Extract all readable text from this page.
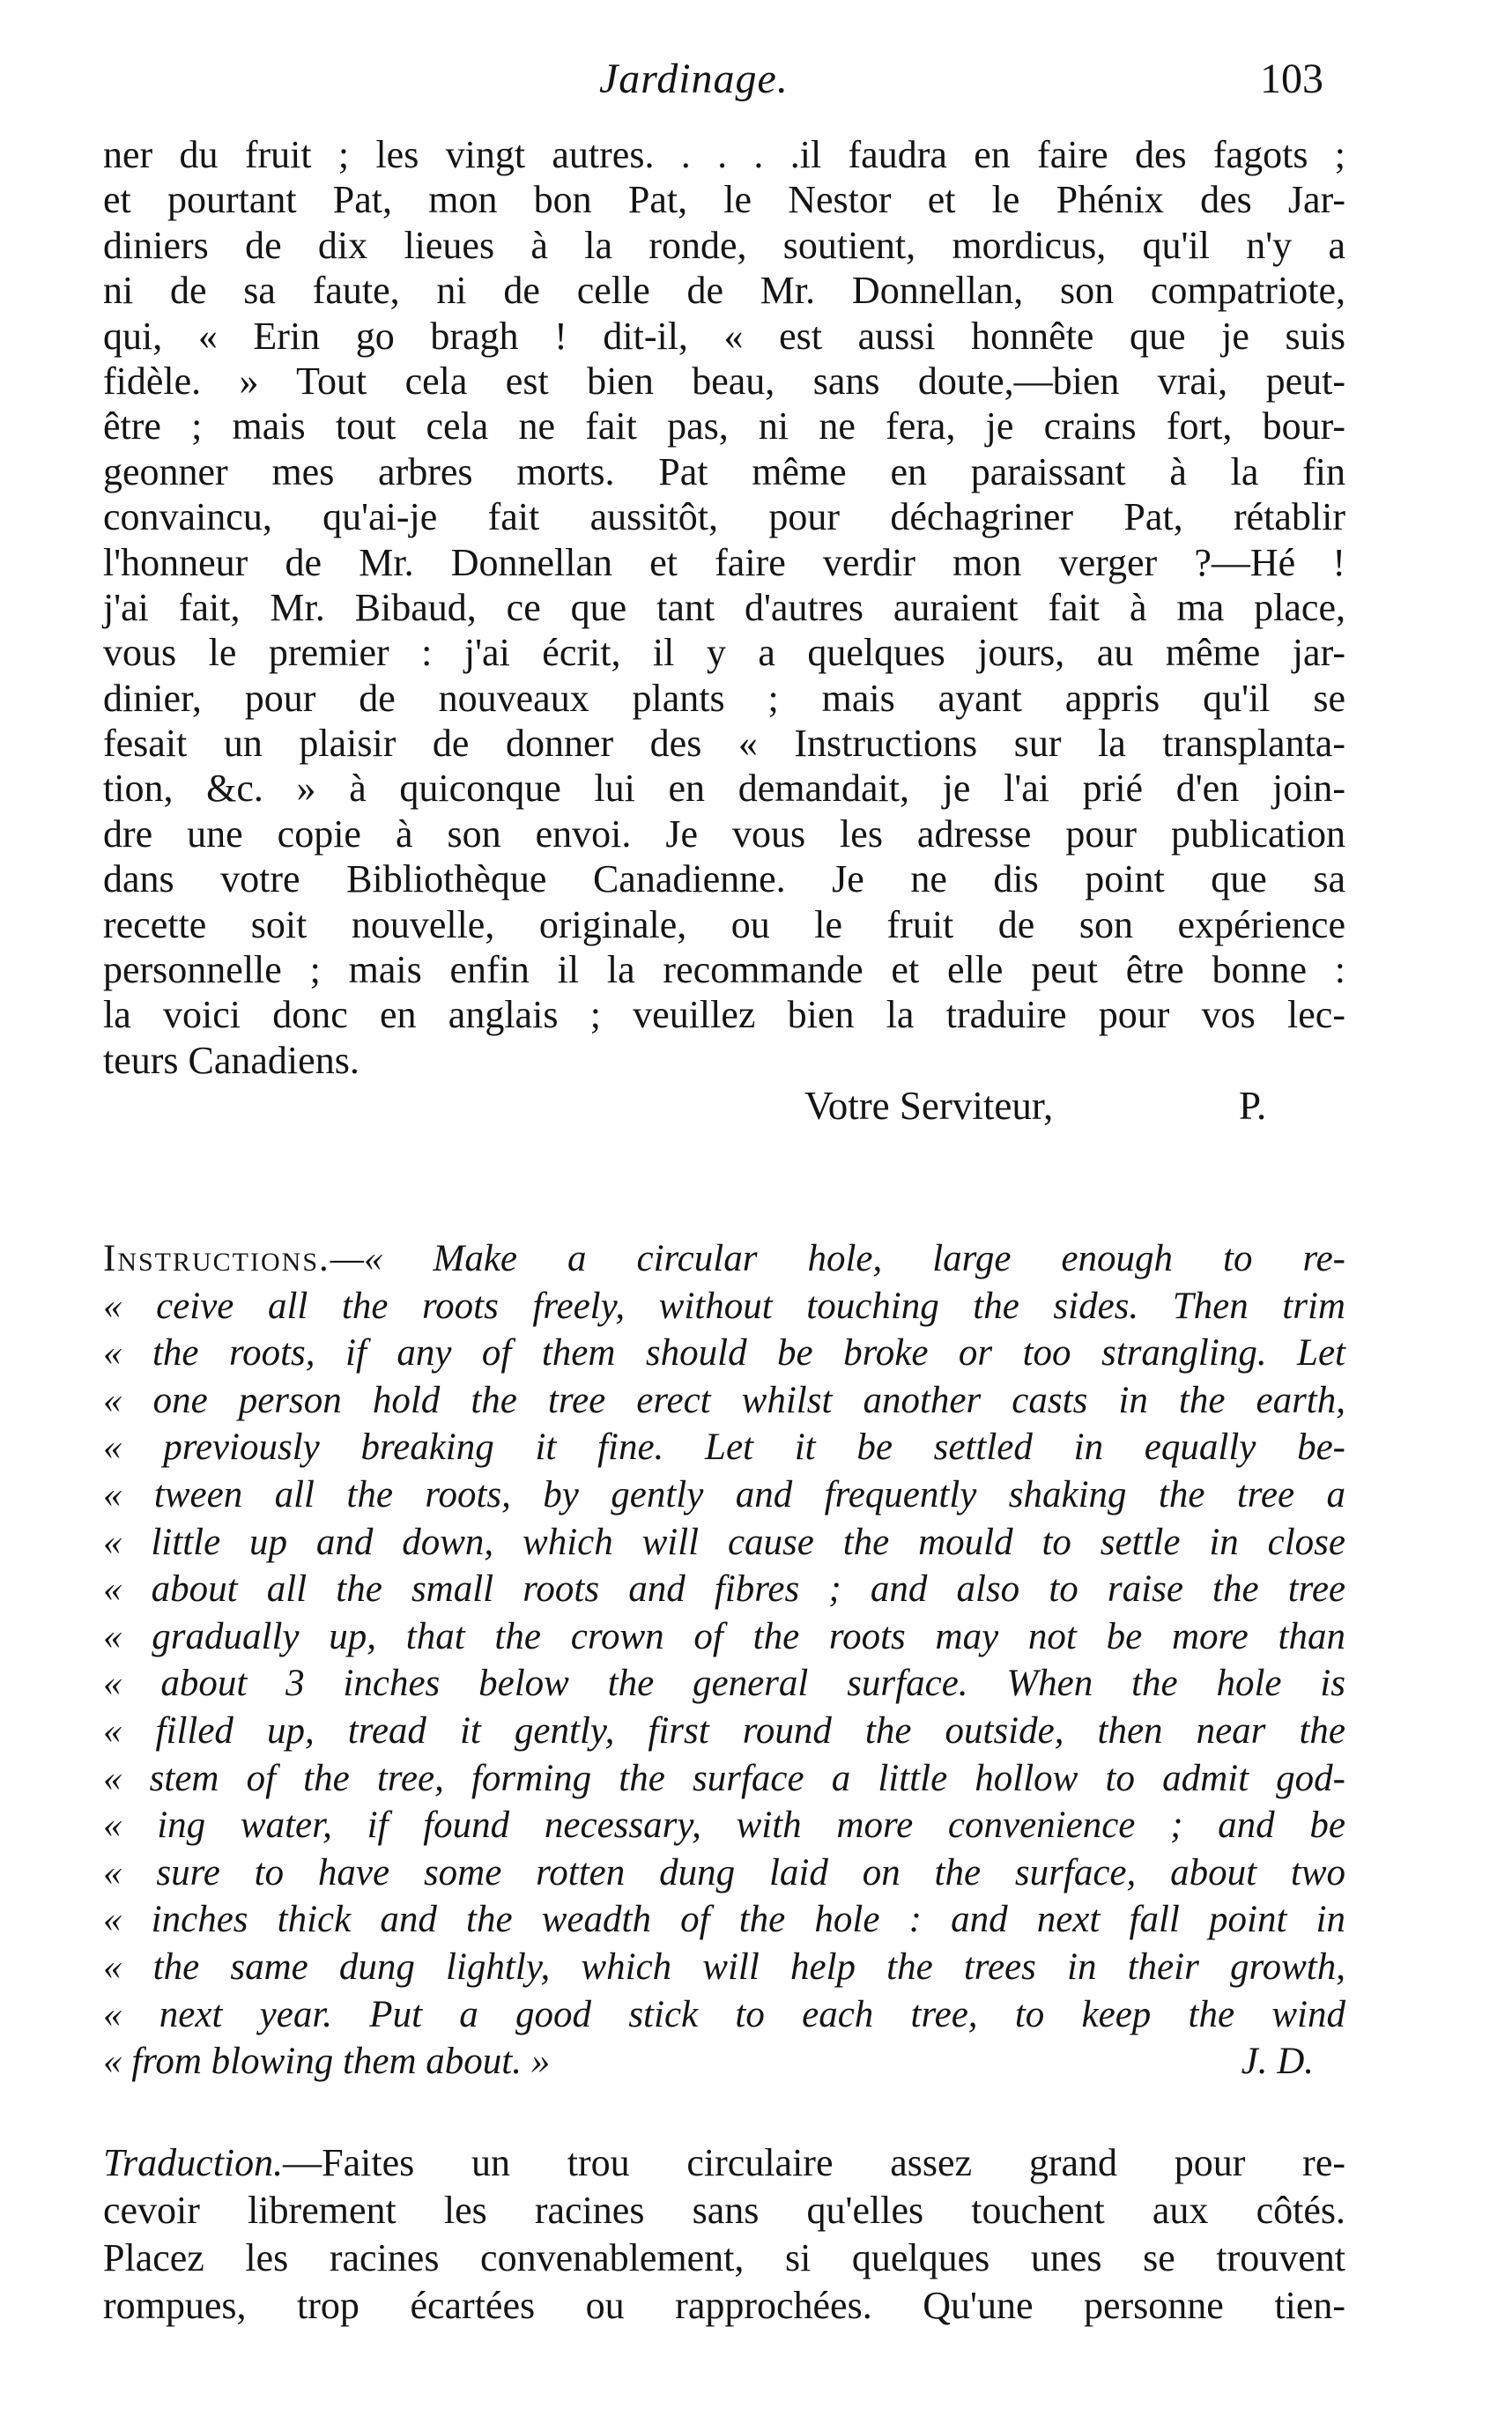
Jardinage.	103
ner du fruit ; les vingt autres. . . . .il faudra en faire des fagots ;
et pourtant Pat, mon bon Pat, le Nestor et le Phénix des Jar-
diniers de dix lieues à la ronde, soutient, mordicus, qu'il n'y a
ni de sa faute, ni de celle de Mr. Donnellan, son compatriote,
qui, « Erin go bragh ! dit-il, « est aussi honnête que je suis
fidèle. » Tout cela est bien beau, sans doute,—bien vrai, peut-
être ; mais tout cela ne fait pas, ni ne fera, je crains fort, bour-
geonner mes arbres morts. Pat même en paraissant à la fin
convaincu, qu'ai-je fait aussitôt, pour déchagriner Pat, rétablir
l'honneur de Mr. Donnellan et faire verdir mon verger ?—Hé !
j'ai fait, Mr. Bibaud, ce que tant d'autres auraient fait à ma place,
vous le premier : j'ai écrit, il y a quelques jours, au même jar-
dinier, pour de nouveaux plants ; mais ayant appris qu'il se
fesait un plaisir de donner des « Instructions sur la transplanta-
tion, &c. » à quiconque lui en demandait, je l'ai prié d'en join-
dre une copie à son envoi. Je vous les adresse pour publication
dans votre Bibliothèque Canadienne. Je ne dis point que sa
recette soit nouvelle, originale, ou le fruit de son expérience
personnelle ; mais enfin il la recommande et elle peut être bonne :
la voici donc en anglais ; veuillez bien la traduire pour vos lec-
teurs Canadiens.
Votre Serviteur,	P.
Instructions.—« Make a circular hole, large enough to re-
« ceive all the roots freely, without touching the sides. Then trim
« the roots, if any of them should be broke or too strangling. Let
« one person hold the tree erect whilst another casts in the earth,
« previously breaking it fine. Let it be settled in equally be-
« tween all the roots, by gently and frequently shaking the tree a
« little up and down, which will cause the mould to settle in close
« about all the small roots and fibres ; and also to raise the tree
« gradually up, that the crown of the roots may not be more than
« about 3 inches below the general surface. When the hole is
« filled up, tread it gently, first round the outside, then near the
« stem of the tree, forming the surface a little hollow to admit god-
« ing water, if found necessary, with more convenience ; and be
« sure to have some rotten dung laid on the surface, about two
« inches thick and the weadth of the hole : and next fall point in
« the same dung lightly, which will help the trees in their growth,
« next year. Put a good stick to each tree, to keep the wind
« from blowing them about. »	J. D.
Traduction.—Faites un trou circulaire assez grand pour re-
cevoir librement les racines sans qu'elles touchent aux côtés.
Placez les racines convenablement, si quelques unes se trouvent
rompues, trop écartées ou rapprochées. Qu'une personne tien-
